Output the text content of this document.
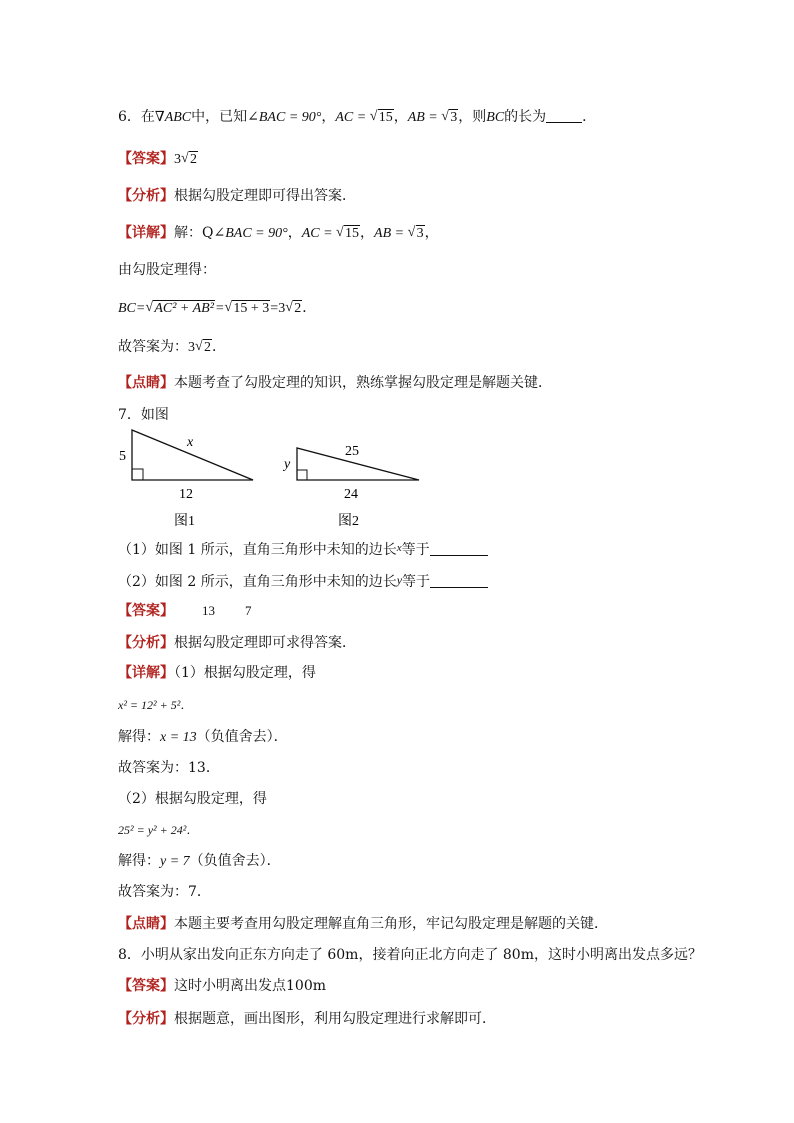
6．在∇ABC中，已知∠BAC = 90°，AC = √ 15，AB = √ 3，则BC的长为	．
【答案】3 √ 2
【分析】根据勾股定理即可得出答案．
【详解】解：Q∠BAC = 90°，AC = √ 15，AB = √ 3，
由勾股定理得：
BC= √ AC² + AB²= √ 15 + 3=3 √ 2．
故答案为：3 √ 2．
【点睛】本题考查了勾股定理的知识，熟练掌握勾股定理是解题关键．
7．如图
5
x
12
图1
y
25
24
图2
（1）如图 1 所示，直角三角形中未知的边长$^x$等于
（2）如图 2 所示，直角三角形中未知的边长y等于
【答案】 13 7
【分析】根据勾股定理即可求得答案．
【详解】（1）根据勾股定理，得
x² = 12² + 5²．
解得：x = 13（负值舍去）．
故答案为：13．
（2）根据勾股定理，得
25² = y² + 24²．
解得：y = 7（负值舍去）．
故答案为：7．
【点睛】本题主要考查用勾股定理解直角三角形，牢记勾股定理是解题的关键．
8．小明从家出发向正东方向走了 60m，接着向正北方向走了 80m，这时小明离出发点多远？
【答案】这时小明离出发点100m
【分析】根据题意，画出图形，利用勾股定理进行求解即可．
